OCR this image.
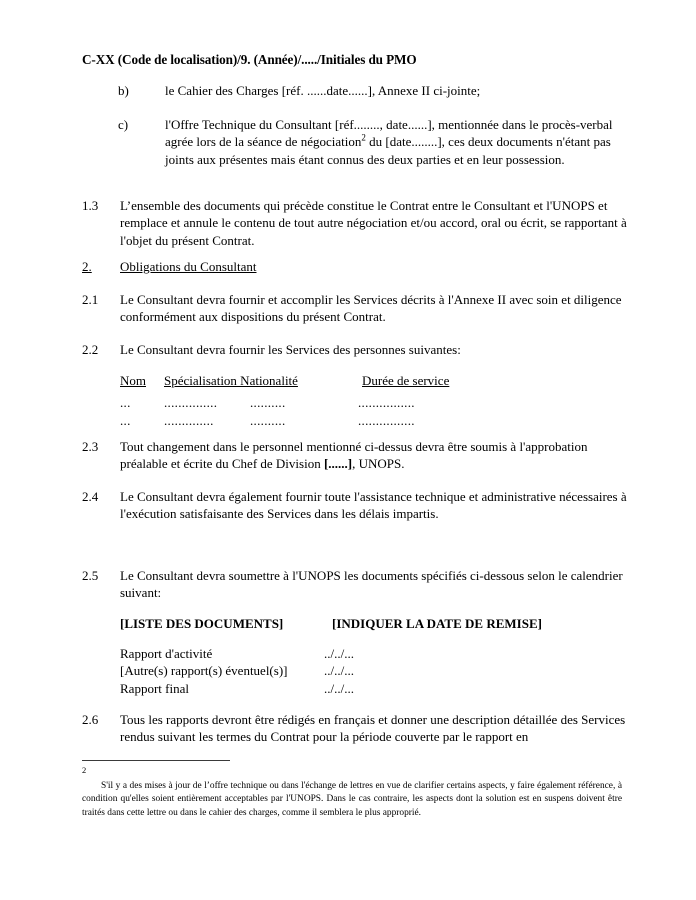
C-XX (Code de localisation)/9. (Année)/...../Initiales du PMO
b)	le Cahier des Charges [réf. ......date......], Annexe II ci-jointe;
c)	l'Offre Technique du Consultant [réf........, date......], mentionnée dans le procès-verbal agrée lors de la séance de négociation$^2$ du [date........], ces deux documents n'étant pas joints aux présentes mais étant connus des deux parties et en leur possession.
1.3	L’ensemble des documents qui précède constitue le Contrat entre le Consultant et l'UNOPS et remplace et annule le contenu de tout autre négociation et/ou accord, oral ou écrit, se rapportant à l'objet du présent Contrat.
2.	Obligations du Consultant
2.1	Le Consultant devra fournir et accomplir les Services décrits à l'Annexe II avec soin et diligence conformément aux dispositions du présent Contrat.
2.2	Le Consultant devra fournir les Services des personnes suivantes:
Nom	Spécialisation Nationalité		Durée de service
...	...............	..........	................
...	..............	..........	................
2.3	Tout changement dans le personnel mentionné ci-dessus devra être soumis à l'approbation préalable et écrite du Chef de Division [......], UNOPS.
2.4	Le Consultant devra également fournir toute l'assistance technique et administrative nécessaires à l'exécution satisfaisante des Services dans les délais impartis.
2.5	Le Consultant devra soumettre à l'UNOPS les documents spécifiés ci-dessous selon le calendrier suivant:
[LISTE DES DOCUMENTS]	[INDIQUER LA DATE DE REMISE]
Rapport d'activité	../../...
[Autre(s) rapport(s) éventuel(s)]	../../...
Rapport final	../../...
2.6	Tous les rapports devront être rédigés en français et donner une description détaillée des Services rendus suivant les termes du Contrat pour la période couverte par le rapport en
2
S'il y a des mises à jour de l’offre technique ou dans l'échange de lettres en vue de clarifier certains aspects, y faire également référence, à condition qu'elles soient entièrement acceptables par l'UNOPS. Dans le cas contraire, les aspects dont la solution est en suspens doivent être traités dans cette lettre ou dans le cahier des charges, comme il semblera le plus approprié.
